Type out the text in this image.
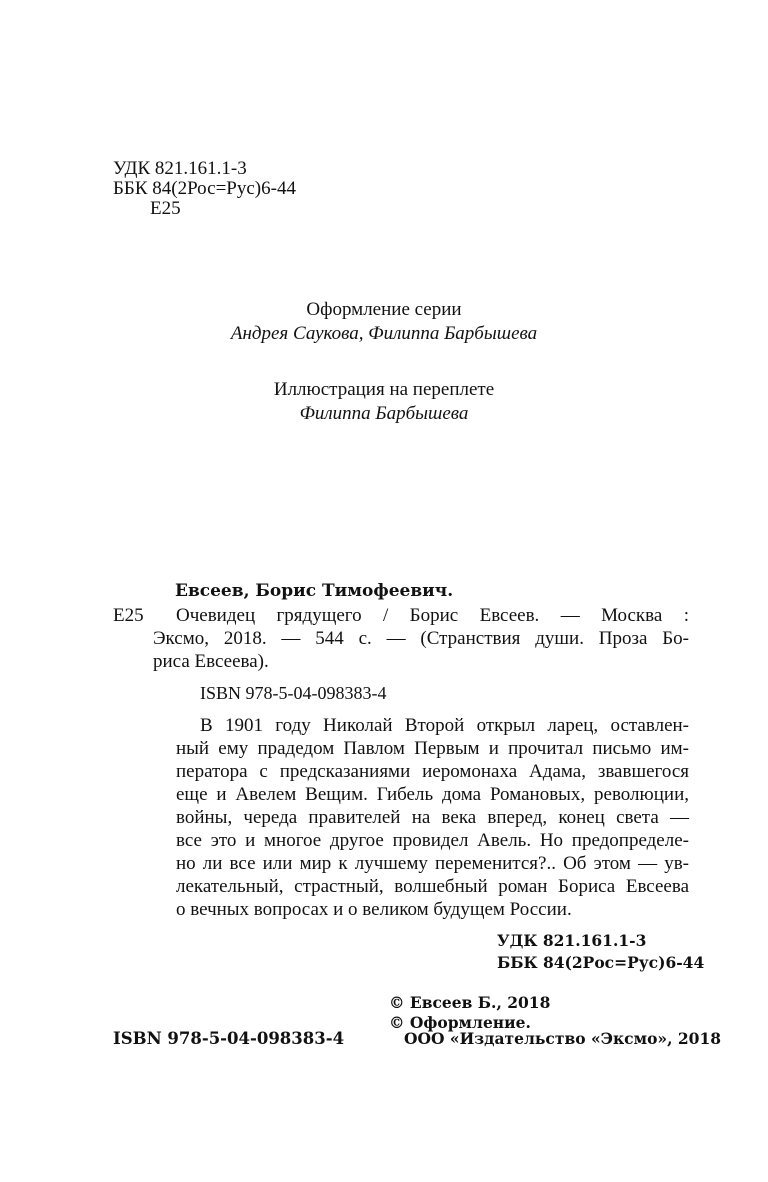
УДК 821.161.1-3
ББК 84(2Рос=Рус)6-44
Е25
Оформление серии
Андрея Саукова, Филиппа Барбышева
Иллюстрация на переплете
Филиппа Барбышева
Евсеев, Борис Тимофеевич.
Е25 Очевидец грядущего / Борис Евсеев. — Москва :
Эксмо, 2018. — 544 с. — (Странствия души. Проза Бо-
риса Евсеева).
ISBN 978-5-04-098383-4
В 1901 году Николай Второй открыл ларец, оставлен-
ный ему прадедом Павлом Первым и прочитал письмо им-
ператора с предсказаниями иеромонаха Адама, звавшегося
еще и Авелем Вещим. Гибель дома Романовых, революции,
войны, череда правителей на века вперед, конец света —
все это и многое другое провидел Авель. Но предопределе-
но ли все или мир к лучшему переменится?.. Об этом — ув-
лекательный, страстный, волшебный роман Бориса Евсеева
о вечных вопросах и о великом будущем России.
УДК 821.161.1-3
ББК 84(2Рос=Рус)6-44
© Евсеев Б., 2018
© Оформление.
ISBN 978-5-04-098383-4	ООО «Издательство «Эксмо», 2018
